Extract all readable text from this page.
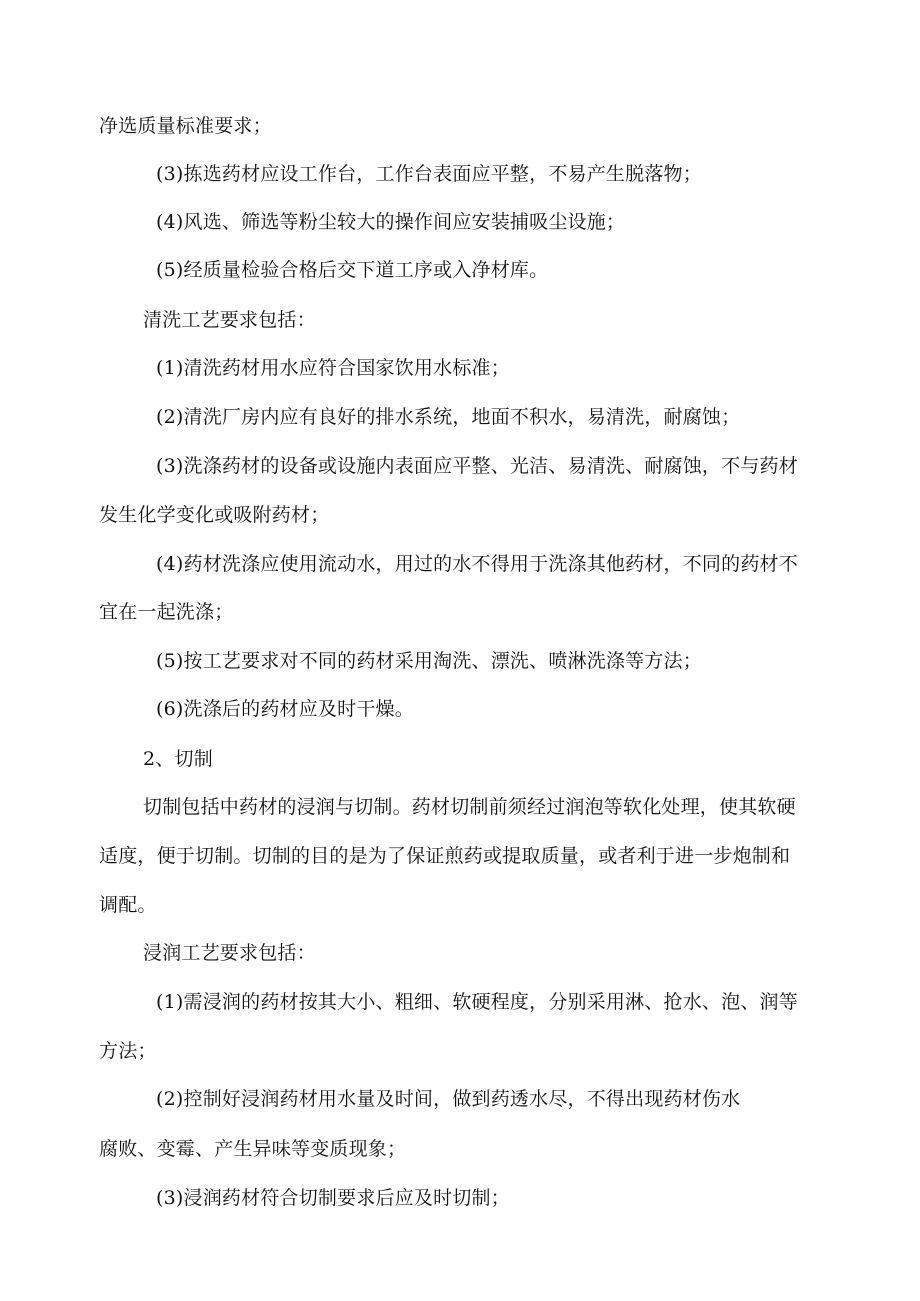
净选质量标准要求；
(3)拣选药材应设工作台，工作台表面应平整，不易产生脱落物；
(4)风选、筛选等粉尘较大的操作间应安装捕吸尘设施；
(5)经质量检验合格后交下道工序或入净材库。
清洗工艺要求包括：
(1)清洗药材用水应符合国家饮用水标准；
(2)清洗厂房内应有良好的排水系统，地面不积水，易清洗，耐腐蚀；
(3)洗涤药材的设备或设施内表面应平整、光洁、易清洗、耐腐蚀，不与药材
发生化学变化或吸附药材；
(4)药材洗涤应使用流动水，用过的水不得用于洗涤其他药材，不同的药材不
宜在一起洗涤；
(5)按工艺要求对不同的药材采用淘洗、漂洗、喷淋洗涤等方法；
(6)洗涤后的药材应及时干燥。
2、切制
切制包括中药材的浸润与切制。药材切制前须经过润泡等软化处理，使其软硬
适度，便于切制。切制的目的是为了保证煎药或提取质量，或者利于进一步炮制和
调配。
浸润工艺要求包括：
(1)需浸润的药材按其大小、粗细、软硬程度，分别采用淋、抢水、泡、润等
方法；
(2)控制好浸润药材用水量及时间，做到药透水尽，不得出现药材伤水
腐败、变霉、产生异味等变质现象；
(3)浸润药材符合切制要求后应及时切制；
